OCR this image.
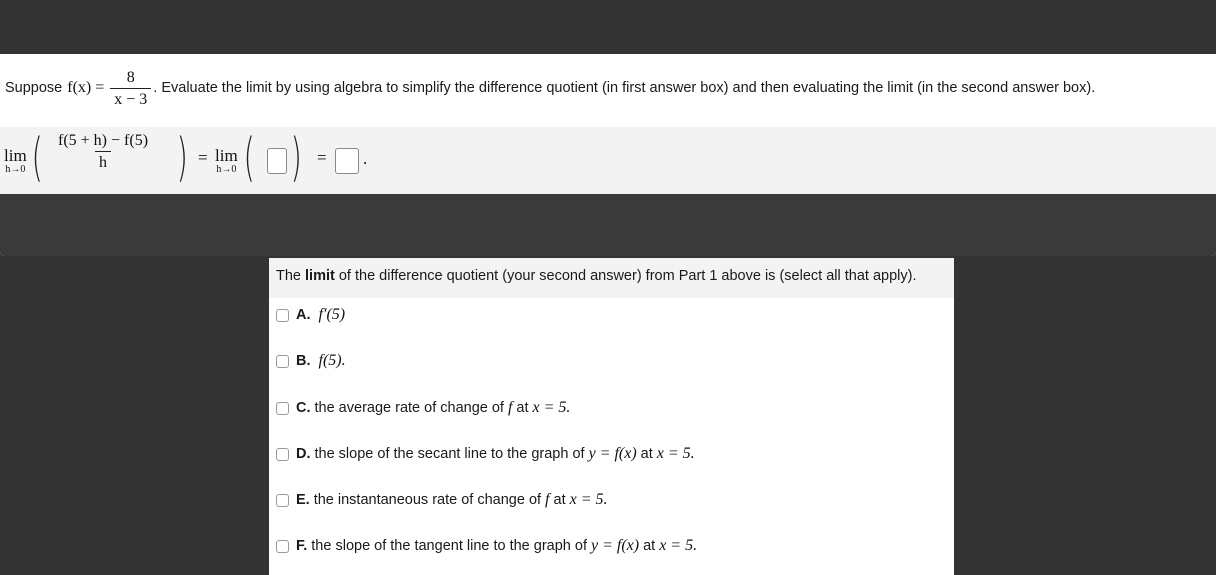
Suppose $f(x) = \frac{8}{x - 3}$ . Evaluate the limit by using algebra to simplify the difference quotient (in first answer box) and then evaluating the limit (in the second answer box).
lim
h→0 ( $\frac{f(5 + h) - f(5)}{h}$ ) = lim
h→0 ( ) = .
The limit of the difference quotient (your second answer) from Part 1 above is (select all that apply).
A. f′(5)
B. f(5).
C. the average rate of change of f at x = 5.
D. the slope of the secant line to the graph of y = f(x) at x = 5.
E. the instantaneous rate of change of f at x = 5.
F. the slope of the tangent line to the graph of y = f(x) at x = 5.
